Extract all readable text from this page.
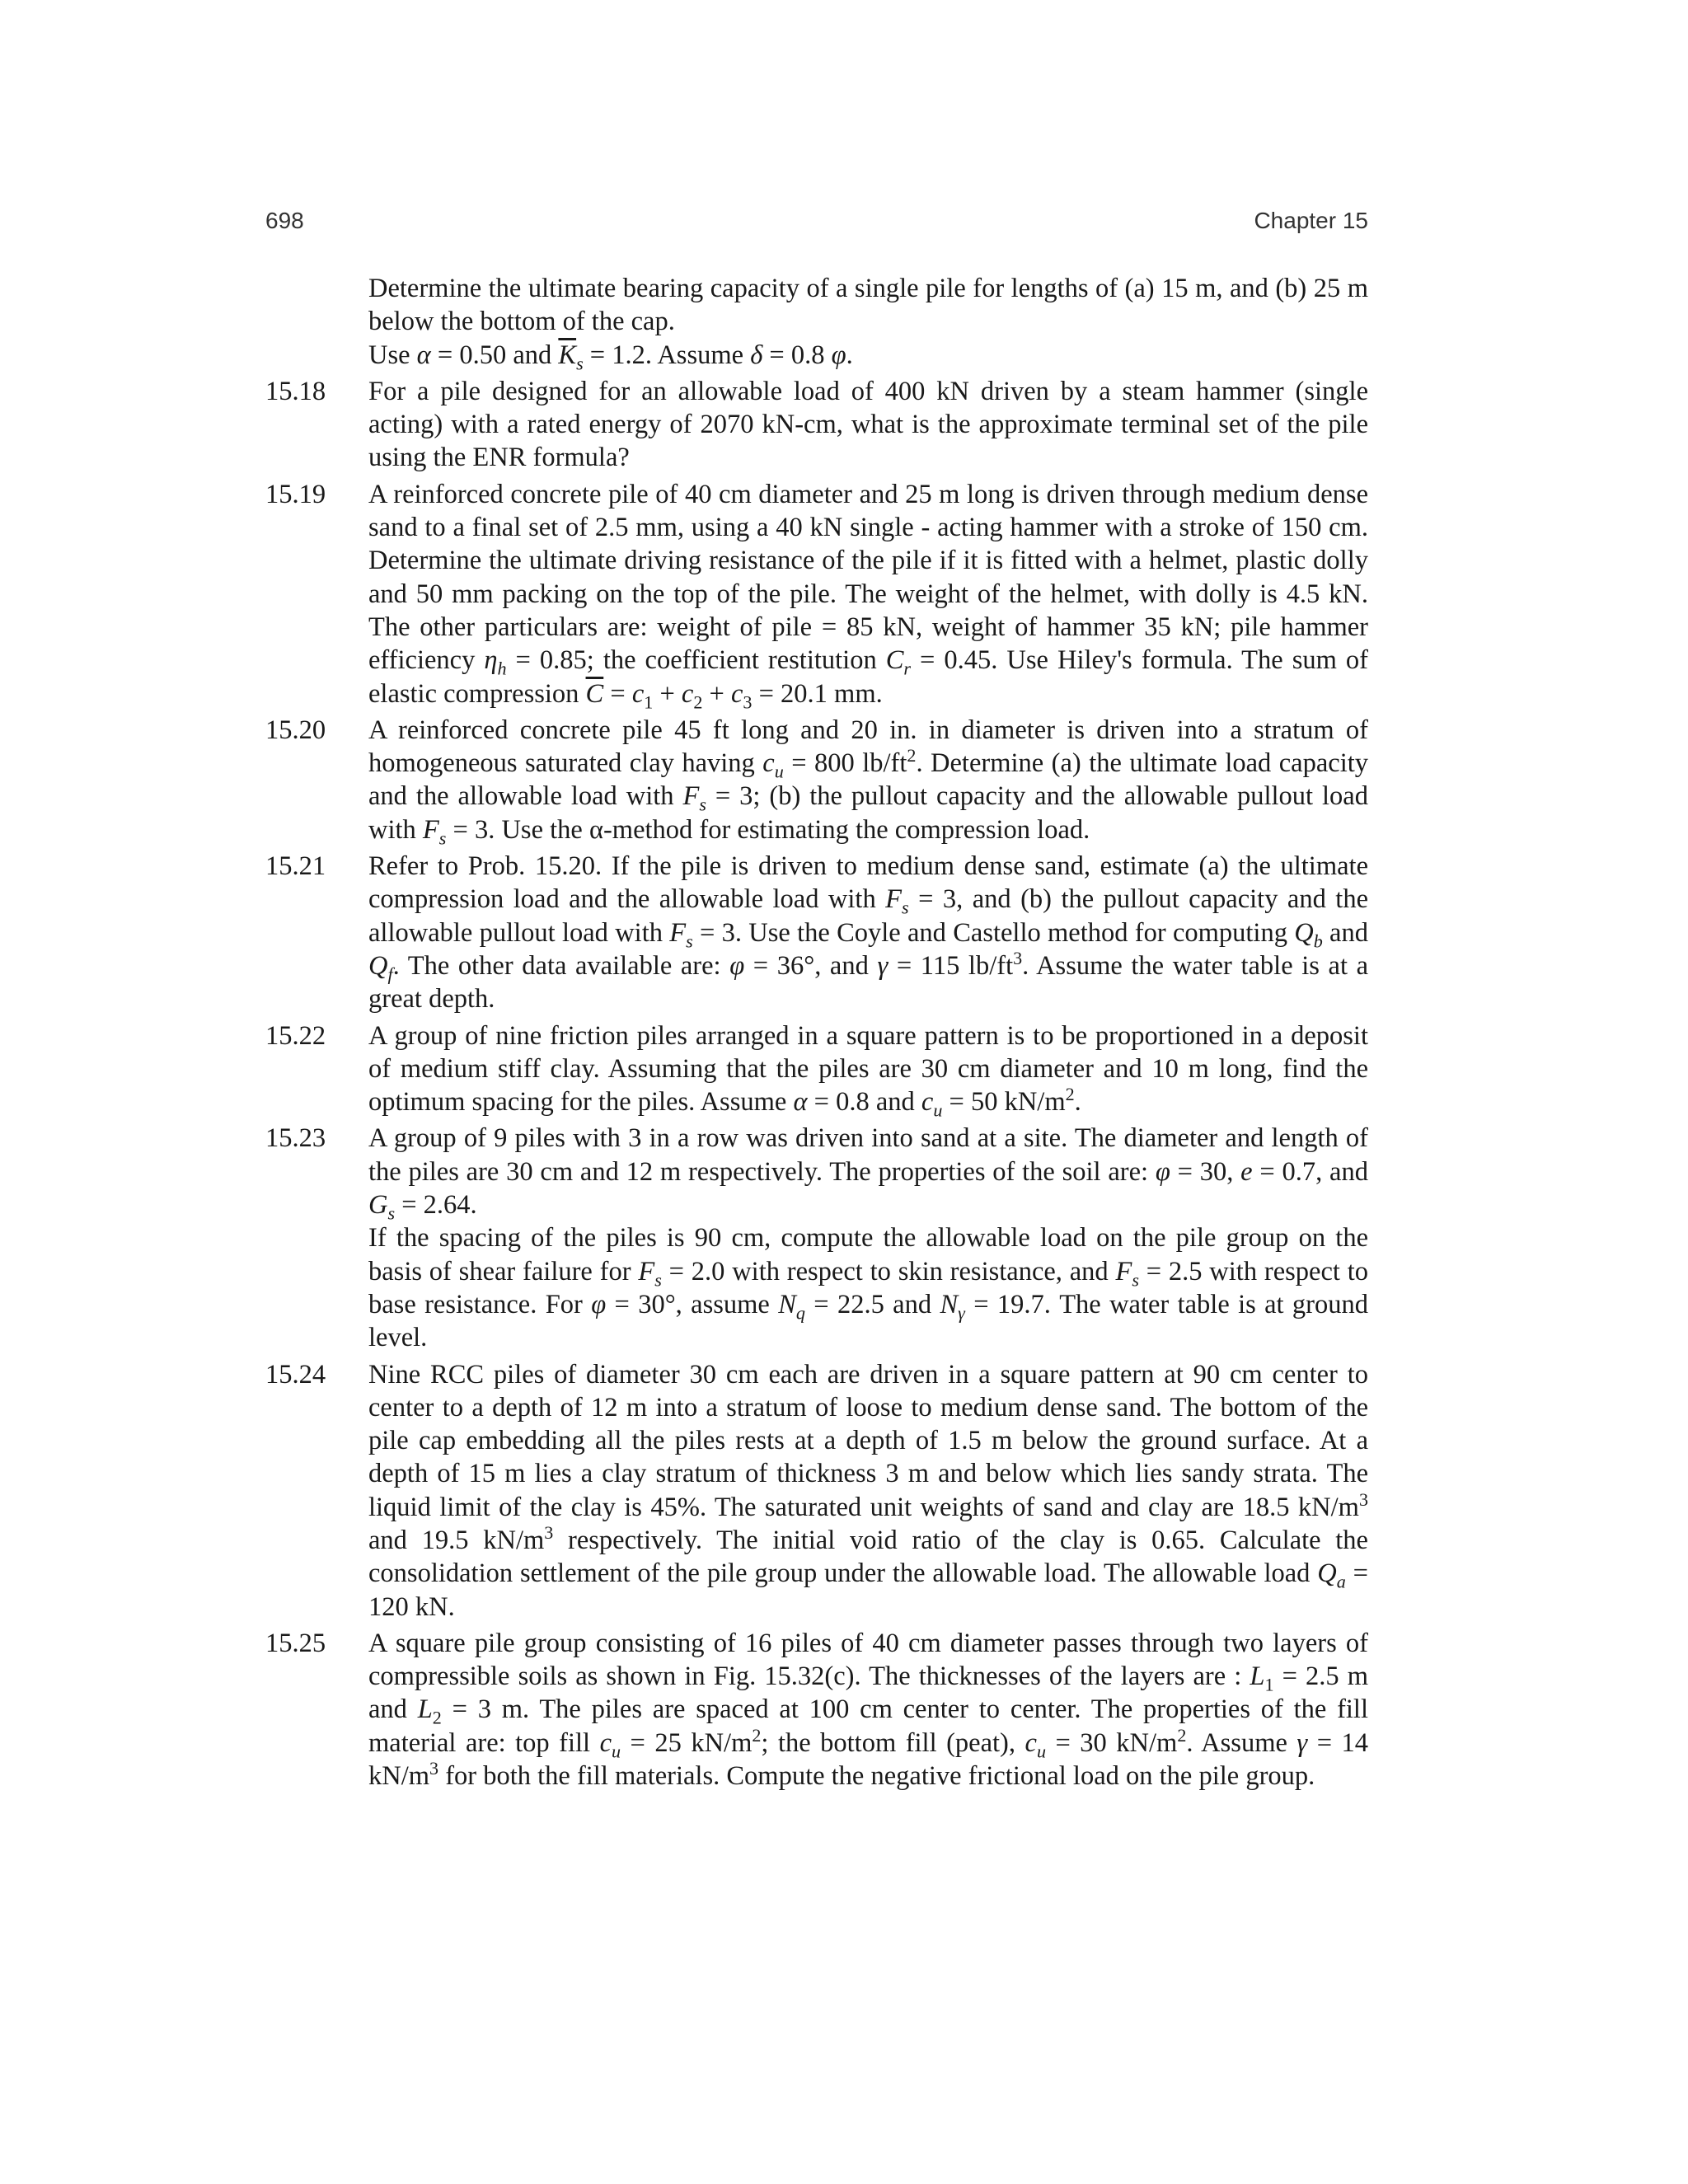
698	Chapter 15

Determine the ultimate bearing capacity of a single pile for lengths of (a) 15 m, and (b) 25 m below the bottom of the cap.

Use α = 0.50 and $\overline{K}_s = 1.2$. Assume δ = 0.8 φ.

15.18 For a pile designed for an allowable load of 400 kN driven by a steam hammer (single acting) with a rated energy of 2070 kN-cm, what is the approximate terminal set of the pile using the ENR formula?

15.19 A reinforced concrete pile of 40 cm diameter and 25 m long is driven through medium dense sand to a final set of 2.5 mm, using a 40 kN single - acting hammer with a stroke of 150 cm. Determine the ultimate driving resistance of the pile if it is fitted with a helmet, plastic dolly and 50 mm packing on the top of the pile. The weight of the helmet, with dolly is 4.5 kN. The other particulars are: weight of pile = 85 kN, weight of hammer 35 kN; pile hammer efficiency $\eta_h = 0.85$; the coefficient restitution $C_r = 0.45$. Use Hiley's formula. The sum of elastic compression $\overline{C} = c_1 + c_2 + c_3 = 20.1$ mm.

15.20 A reinforced concrete pile 45 ft long and 20 in. in diameter is driven into a stratum of homogeneous saturated clay having $c_u = 800$ $lb/ft^2$. Determine (a) the ultimate load capacity and the allowable load with $F_s = 3$; (b) the pullout capacity and the allowable pullout load with $F_s = 3$. Use the α-method for estimating the compression load.

15.21 Refer to Prob. 15.20. If the pile is driven to medium dense sand, estimate (a) the ultimate compression load and the allowable load with $F_s = 3$, and (b) the pullout capacity and the allowable pullout load with $F_s = 3$. Use the Coyle and Castello method for computing $Q_b$ and $Q_f$. The other data available are: φ = 36°, and γ = 115 $lb/ft^3$. Assume the water table is at a great depth.

15.22 A group of nine friction piles arranged in a square pattern is to be proportioned in a deposit of medium stiff clay. Assuming that the piles are 30 cm diameter and 10 m long, find the optimum spacing for the piles. Assume α = 0.8 and $c_u = 50$ $kN/m^2$.

15.23 A group of 9 piles with 3 in a row was driven into sand at a site. The diameter and length of the piles are 30 cm and 12 m respectively. The properties of the soil are: φ = 30, e = 0.7, and $G_s = 2.64$.

If the spacing of the piles is 90 cm, compute the allowable load on the pile group on the basis of shear failure for $F_s = 2.0$ with respect to skin resistance, and $F_s = 2.5$ with respect to base resistance. For φ = 30°, assume $N_q = 22.5$ and $N_\gamma = 19.7$. The water table is at ground level.

15.24 Nine RCC piles of diameter 30 cm each are driven in a square pattern at 90 cm center to center to a depth of 12 m into a stratum of loose to medium dense sand. The bottom of the pile cap embedding all the piles rests at a depth of 1.5 m below the ground surface. At a depth of 15 m lies a clay stratum of thickness 3 m and below which lies sandy strata. The liquid limit of the clay is 45%. The saturated unit weights of sand and clay are 18.5 $kN/m^3$ and 19.5 $kN/m^3$ respectively. The initial void ratio of the clay is 0.65. Calculate the consolidation settlement of the pile group under the allowable load. The allowable load $Q_a = 120$ kN.

15.25 A square pile group consisting of 16 piles of 40 cm diameter passes through two layers of compressible soils as shown in Fig. 15.32(c). The thicknesses of the layers are : $L_1 = 2.5$ m and $L_2 = 3$ m. The piles are spaced at 100 cm center to center. The properties of the fill material are: top fill $c_u = 25$ $kN/m^2$; the bottom fill (peat), $c_u = 30$ $kN/m^2$. Assume γ = 14 $kN/m^3$ for both the fill materials. Compute the negative frictional load on the pile group.
